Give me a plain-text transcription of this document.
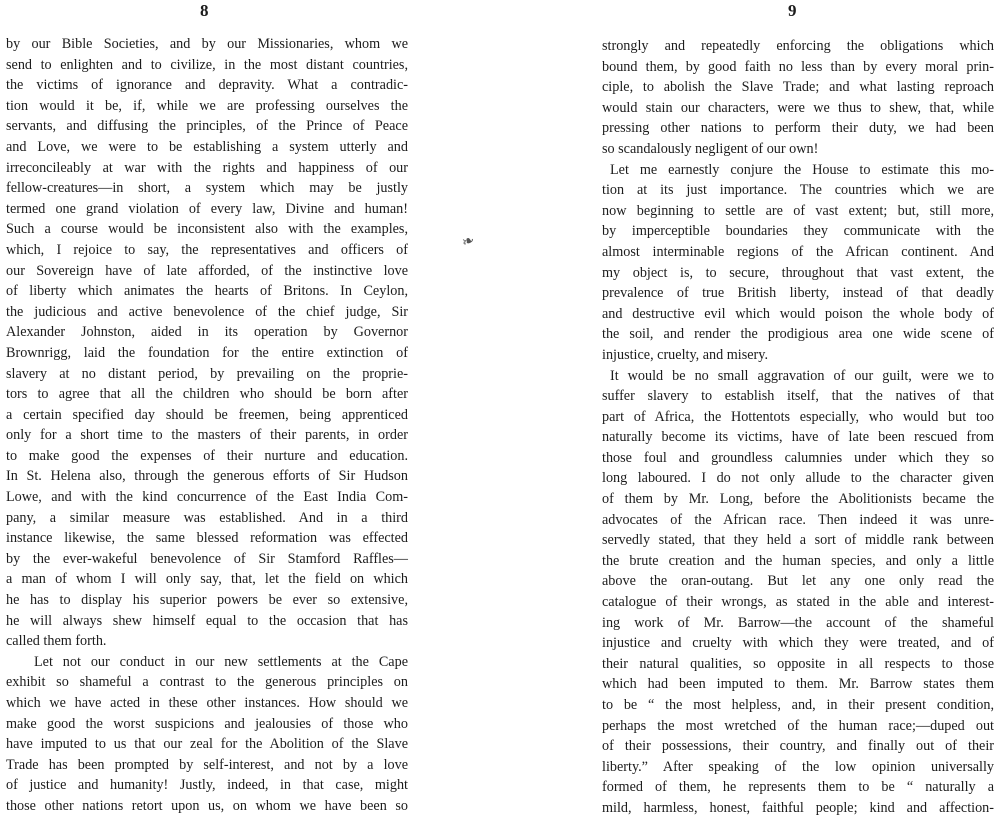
8
by our Bible Societies, and by our Missionaries, whom we
send to enlighten and to civilize, in the most distant countries,
the victims of ignorance and depravity. What a contradic-
tion would it be, if, while we are professing ourselves the
servants, and diffusing the principles, of the Prince of Peace
and Love, we were to be establishing a system utterly and
irreconcileably at war with the rights and happiness of our
fellow-creatures—in short, a system which may be justly
termed one grand violation of every law, Divine and human!
Such a course would be inconsistent also with the examples,
which, I rejoice to say, the representatives and officers of
our Sovereign have of late afforded, of the instinctive love
of liberty which animates the hearts of Britons. In Ceylon,
the judicious and active benevolence of the chief judge, Sir
Alexander Johnston, aided in its operation by Governor
Brownrigg, laid the foundation for the entire extinction of
slavery at no distant period, by prevailing on the proprie-
tors to agree that all the children who should be born after
a certain specified day should be freemen, being apprenticed
only for a short time to the masters of their parents, in order
to make good the expenses of their nurture and education.
In St. Helena also, through the generous efforts of Sir Hudson
Lowe, and with the kind concurrence of the East India Com-
pany, a similar measure was established. And in a third
instance likewise, the same blessed reformation was effected
by the ever-wakeful benevolence of Sir Stamford Raffles—
a man of whom I will only say, that, let the field on which
he has to display his superior powers be ever so extensive,
he will always shew himself equal to the occasion that has
called them forth.
Let not our conduct in our new settlements at the Cape
exhibit so shameful a contrast to the generous principles on
which we have acted in these other instances. How should we
make good the worst suspicions and jealousies of those who
have imputed to us that our zeal for the Abolition of the Slave
Trade has been prompted by self-interest, and not by a love
of justice and humanity! Justly, indeed, in that case, might
those other nations retort upon us, on whom we have been so
❧
9
strongly and repeatedly enforcing the obligations which
bound them, by good faith no less than by every moral prin-
ciple, to abolish the Slave Trade; and what lasting reproach
would stain our characters, were we thus to shew, that, while
pressing other nations to perform their duty, we had been
so scandalously negligent of our own!
Let me earnestly conjure the House to estimate this mo-
tion at its just importance. The countries which we are
now beginning to settle are of vast extent; but, still more,
by imperceptible boundaries they communicate with the
almost interminable regions of the African continent. And
my object is, to secure, throughout that vast extent, the
prevalence of true British liberty, instead of that deadly
and destructive evil which would poison the whole body of
the soil, and render the prodigious area one wide scene of
injustice, cruelty, and misery.
It would be no small aggravation of our guilt, were we to
suffer slavery to establish itself, that the natives of that
part of Africa, the Hottentots especially, who would but too
naturally become its victims, have of late been rescued from
those foul and groundless calumnies under which they so
long laboured. I do not only allude to the character given
of them by Mr. Long, before the Abolitionists became the
advocates of the African race. Then indeed it was unre-
servedly stated, that they held a sort of middle rank between
the brute creation and the human species, and only a little
above the oran-outang. But let any one only read the
catalogue of their wrongs, as stated in the able and interest-
ing work of Mr. Barrow—the account of the shameful
injustice and cruelty with which they were treated, and of
their natural qualities, so opposite in all respects to those
which had been imputed to them. Mr. Barrow states them
to be “ the most helpless, and, in their present condition,
perhaps the most wretched of the human race;—duped out
of their possessions, their country, and finally out of their
liberty.” After speaking of the low opinion universally
formed of them, he represents them to be “ naturally a
mild, harmless, honest, faithful people; kind and affection-
